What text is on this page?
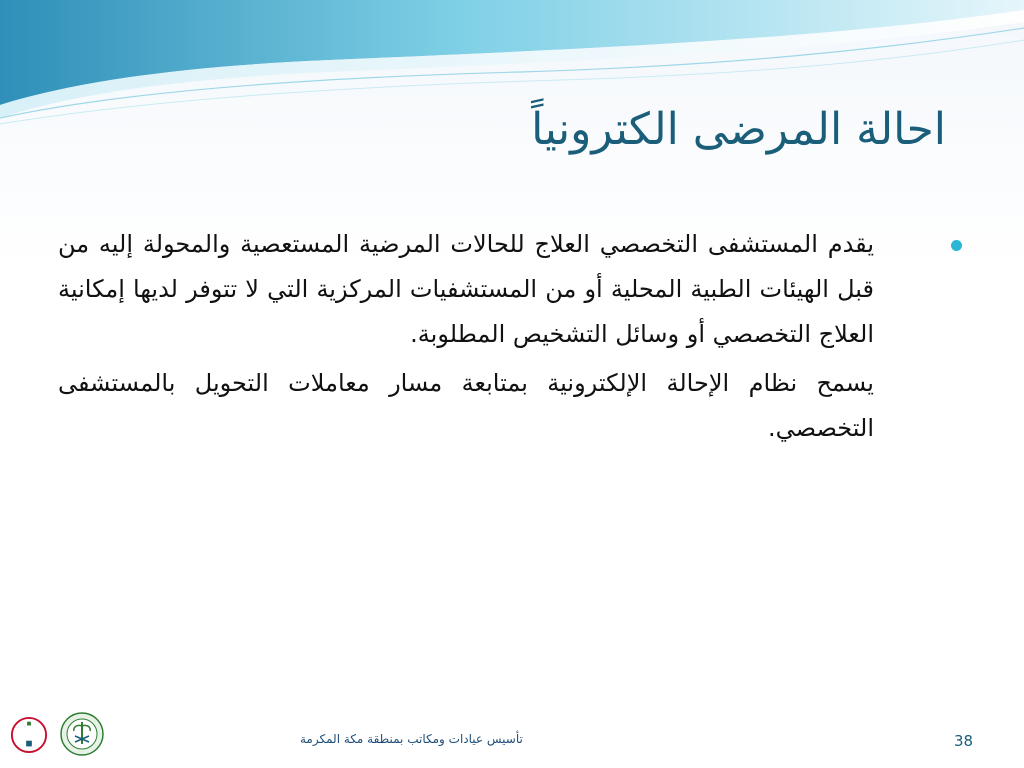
احالة المرضى الكترونياً

يقدم المستشفى التخصصي العلاج للحالات المرضية المستعصية والمحولة إليه من قبل الهيئات الطبية المحلية أو من المستشفيات المركزية التي لا تتوفر لديها إمكانية العلاج التخصصي أو وسائل التشخيص المطلوبة.

يسمح نظام الإحالة الإلكترونية بمتابعة مسار معاملات التحويل بالمستشفى التخصصي.

تأسيس عيادات ومكاتب بمنطقة مكة المكرمة	38
